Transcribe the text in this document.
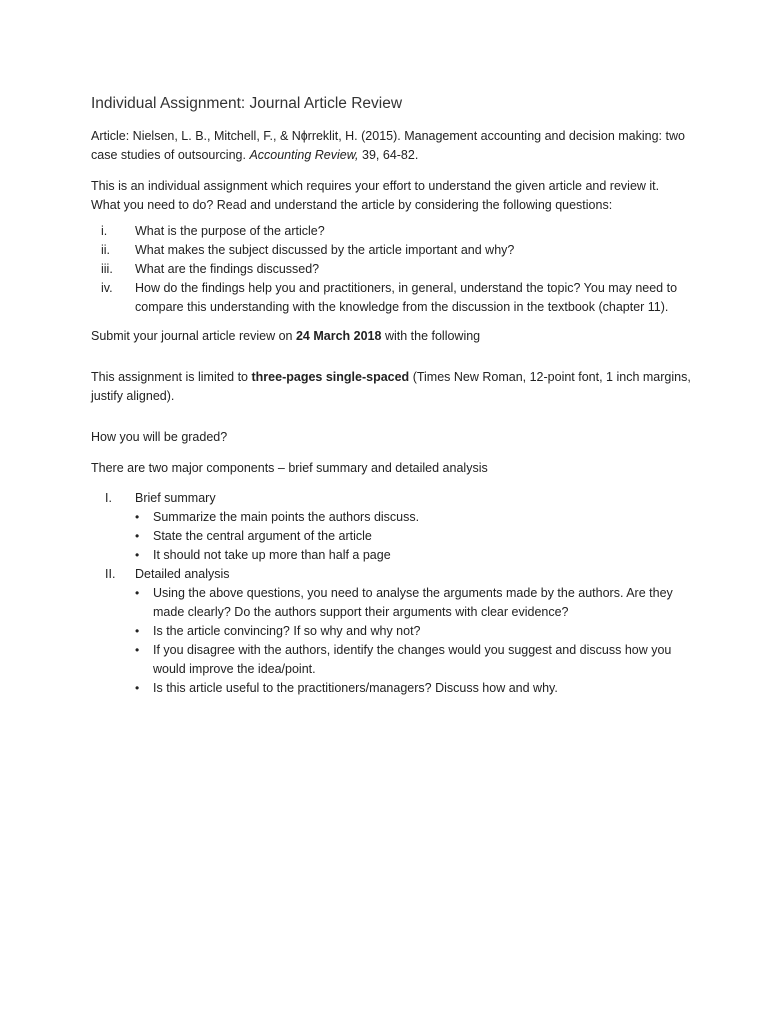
Individual Assignment: Journal Article Review

Article: Nielsen, L. B., Mitchell, F., & Nɸrreklit, H. (2015). Management accounting and decision making: two case studies of outsourcing. Accounting Review, 39, 64-82.

This is an individual assignment which requires your effort to understand the given article and review it. What you need to do? Read and understand the article by considering the following questions:

i.	What is the purpose of the article?
ii.	What makes the subject discussed by the article important and why?
iii.	What are the findings discussed?
iv.	How do the findings help you and practitioners, in general, understand the topic? You may need to compare this understanding with the knowledge from the discussion in the textbook (chapter 11).

Submit your journal article review on 24 March 2018 with the following

This assignment is limited to three-pages single-spaced (Times New Roman, 12-point font, 1 inch margins, justify aligned).

How you will be graded?

There are two major components – brief summary and detailed analysis

I.	Brief summary
• Summarize the main points the authors discuss.
• State the central argument of the article
• It should not take up more than half a page
II.	Detailed analysis
• Using the above questions, you need to analyse the arguments made by the authors. Are they made clearly? Do the authors support their arguments with clear evidence?
• Is the article convincing? If so why and why not?
• If you disagree with the authors, identify the changes would you suggest and discuss how you would improve the idea/point.
• Is this article useful to the practitioners/managers? Discuss how and why.
